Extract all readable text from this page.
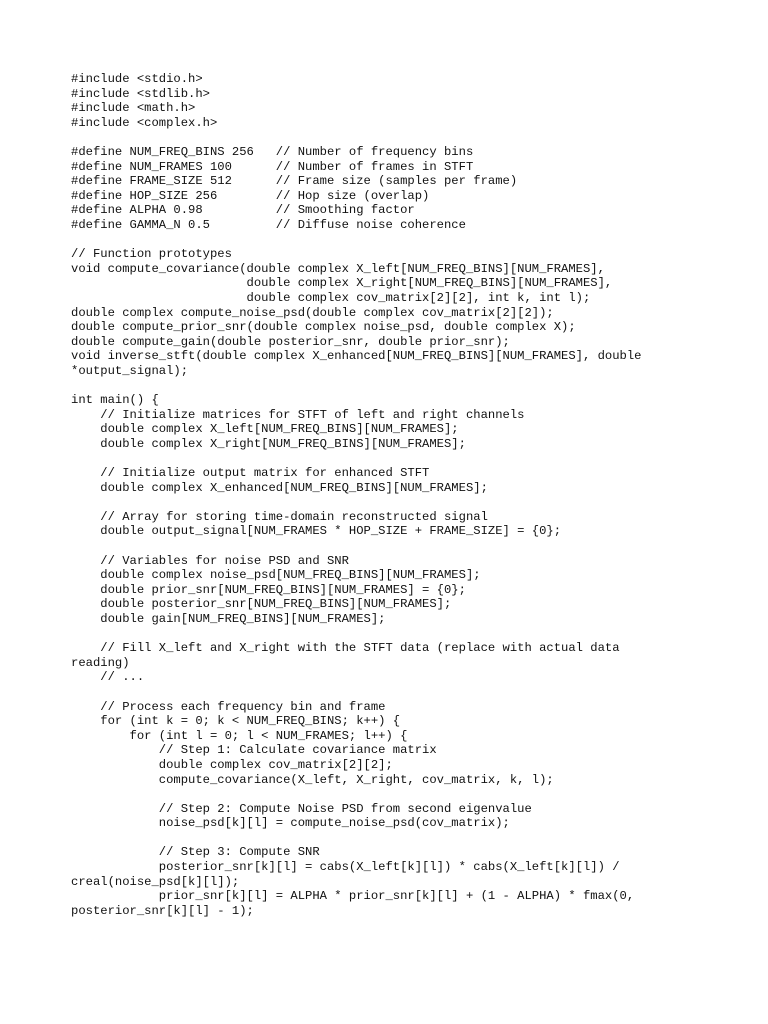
#include <stdio.h>
#include <stdlib.h>
#include <math.h>
#include <complex.h>
#define NUM_FREQ_BINS 256   // Number of frequency bins
#define NUM_FRAMES 100      // Number of frames in STFT
#define FRAME_SIZE 512      // Frame size (samples per frame)
#define HOP_SIZE 256        // Hop size (overlap)
#define ALPHA 0.98          // Smoothing factor
#define GAMMA_N 0.5         // Diffuse noise coherence
// Function prototypes
void compute_covariance(double complex X_left[NUM_FREQ_BINS][NUM_FRAMES],
double complex X_right[NUM_FREQ_BINS][NUM_FRAMES],
double complex cov_matrix[2][2], int k, int l);
double complex compute_noise_psd(double complex cov_matrix[2][2]);
double compute_prior_snr(double complex noise_psd, double complex X);
double compute_gain(double posterior_snr, double prior_snr);
void inverse_stft(double complex X_enhanced[NUM_FREQ_BINS][NUM_FRAMES], double
*output_signal);
int main() {
// Initialize matrices for STFT of left and right channels
double complex X_left[NUM_FREQ_BINS][NUM_FRAMES];
double complex X_right[NUM_FREQ_BINS][NUM_FRAMES];
// Initialize output matrix for enhanced STFT
double complex X_enhanced[NUM_FREQ_BINS][NUM_FRAMES];
// Array for storing time-domain reconstructed signal
double output_signal[NUM_FRAMES * HOP_SIZE + FRAME_SIZE] = {0};
// Variables for noise PSD and SNR
double complex noise_psd[NUM_FREQ_BINS][NUM_FRAMES];
double prior_snr[NUM_FREQ_BINS][NUM_FRAMES] = {0};
double posterior_snr[NUM_FREQ_BINS][NUM_FRAMES];
double gain[NUM_FREQ_BINS][NUM_FRAMES];
// Fill X_left and X_right with the STFT data (replace with actual data
reading)
// ...
// Process each frequency bin and frame
for (int k = 0; k < NUM_FREQ_BINS; k++) {
for (int l = 0; l < NUM_FRAMES; l++) {
// Step 1: Calculate covariance matrix
double complex cov_matrix[2][2];
compute_covariance(X_left, X_right, cov_matrix, k, l);
// Step 2: Compute Noise PSD from second eigenvalue
noise_psd[k][l] = compute_noise_psd(cov_matrix);
// Step 3: Compute SNR
posterior_snr[k][l] = cabs(X_left[k][l]) * cabs(X_left[k][l]) /
creal(noise_psd[k][l]);
prior_snr[k][l] = ALPHA * prior_snr[k][l] + (1 - ALPHA) * fmax(0,
posterior_snr[k][l] - 1);
